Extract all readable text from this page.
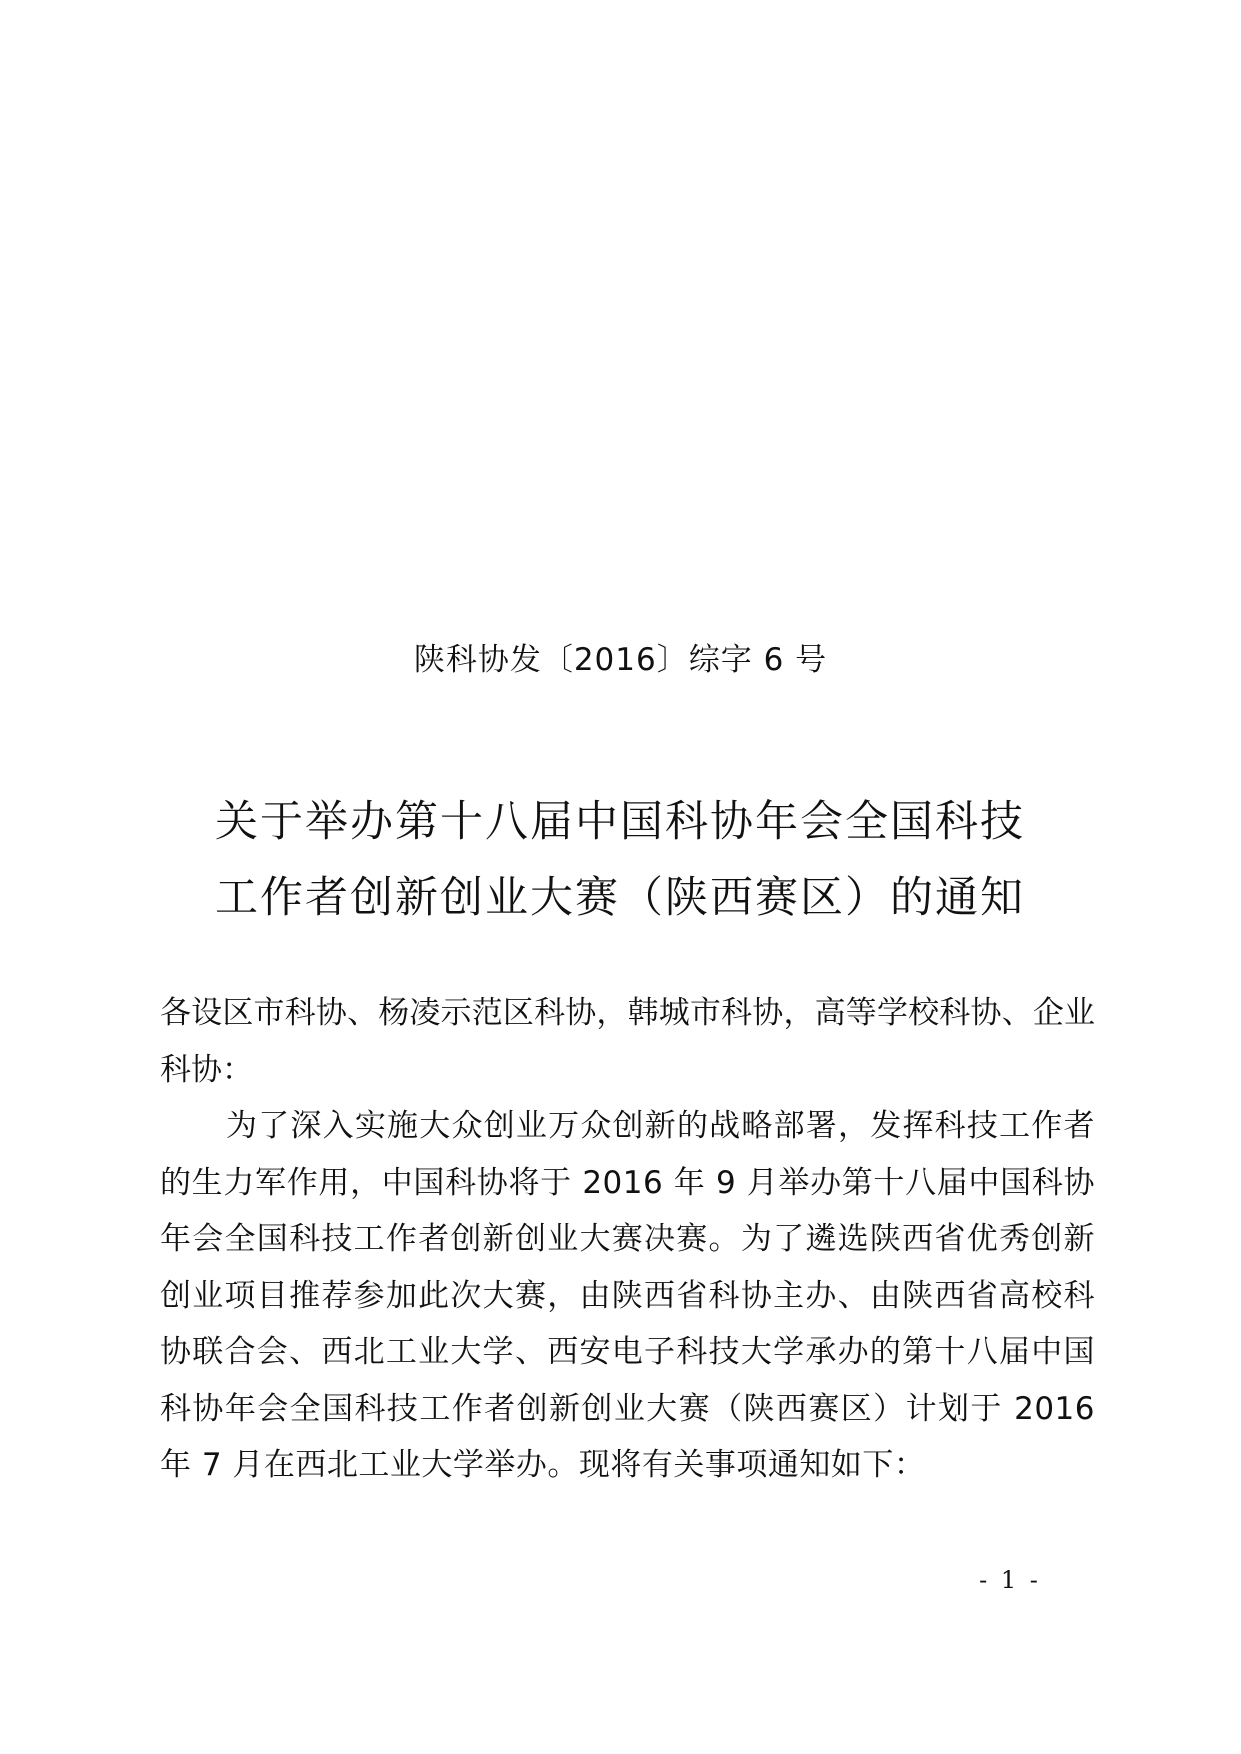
陕科协发〔2016〕综字 6 号
关于举办第十八届中国科协年会全国科技
工作者创新创业大赛（陕西赛区）的通知

各设区市科协、杨凌示范区科协，韩城市科协，高等学校科协、企业科协：

为了深入实施大众创业万众创新的战略部署，发挥科技工作者的生力军作用，中国科协将于 2016 年 9 月举办第十八届中国科协年会全国科技工作者创新创业大赛决赛。为了遴选陕西省优秀创新创业项目推荐参加此次大赛，由陕西省科协主办、由陕西省高校科协联合会、西北工业大学、西安电子科技大学承办的第十八届中国科协年会全国科技工作者创新创业大赛（陕西赛区）计划于 2016 年 7 月在西北工业大学举办。现将有关事项通知如下：

- 1 -
